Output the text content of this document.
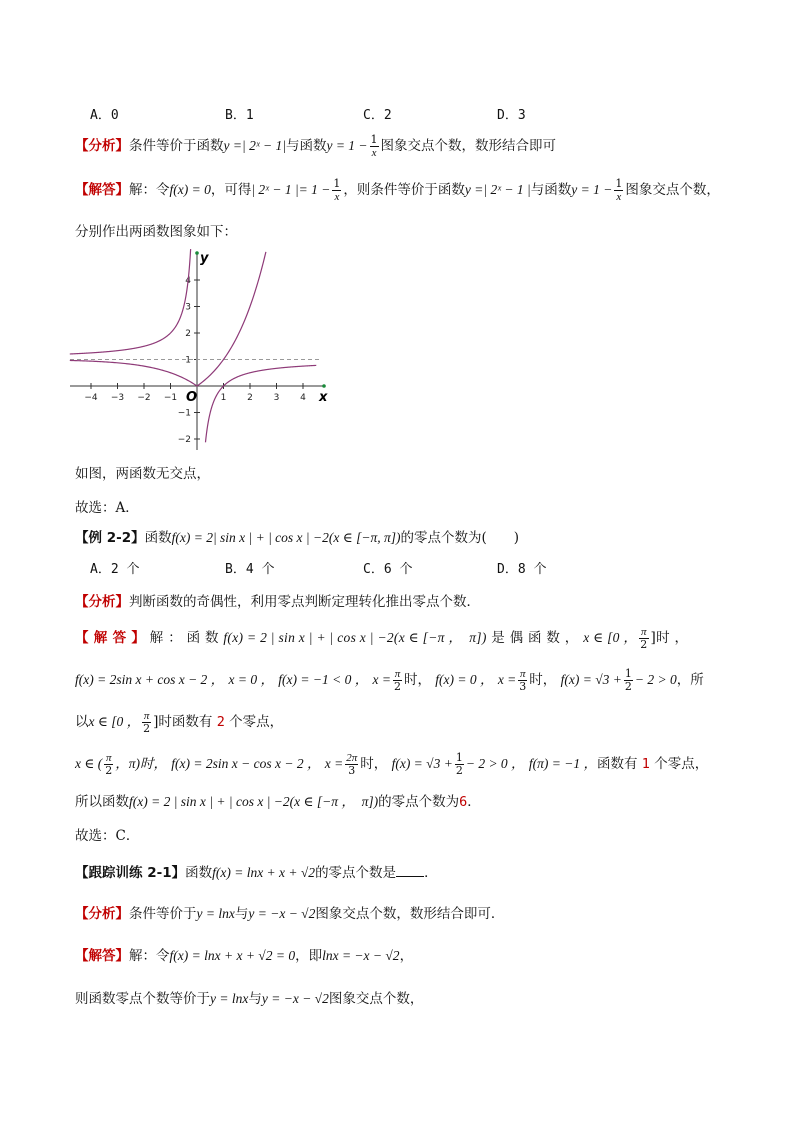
A．0	B．1	C．2	D．3
【分析】条件等价于函数y =| 2ˣ − 1|与函数$y = 1 - \frac{1}{x}$ 图象交点个数，数形结合即可
【解答】解：令f(x) = 0，可得| 2ˣ − 1 |= $1 - \frac{1}{x}$ ，则条件等价于函数y =| 2ˣ − 1 |与函数$y = 1 - \frac{1}{x}$ 图象交点个数，
分别作出两函数图象如下：
−4 −3 −2 −1	1 2 3 4
4
3
2
1
−1
−2
y
x
O
如图，两函数无交点，
故选：A．
【例 2-2】函数f(x) = 2| sin x | + | cos x | −2(x ∈ [−π, π])的零点个数为(　　)
A．2 个	B．4 个	C．6 个	D．8 个
【分析】判断函数的奇偶性，利用零点判断定理转化推出零点个数．
【 解 答 】 解 ： 函 数 f(x) = 2 | sin x | + | cos x | −2(x ∈ [−π ，　π]) 是 偶 函 数 ， x ∈ [0 ， $\frac{\pi}{2}$ ]时 ，
f(x) = 2sin x + cos x − 2 ， x = 0 ， f(x) = −1 < 0 ， $x = \frac{\pi}{2}$ 时， f(x) = 0 ， $x = \frac{\pi}{3}$ 时， $f(x) = √3 + \frac{1}{2} - 2 > 0$，所
以x ∈ [0 ， $\frac{\pi}{2}$ ]时函数有 2 个零点，
x ∈ ( $\frac{\pi}{2}$ ，π)时， f(x) = 2sin x − cos x − 2 ， $x = \frac{2\pi}{3}$ 时， $f(x) = √3 + \frac{1}{2} - 2 > 0$ ， f(π) = −1 ，函数有 1 个零点，
所以函数f(x) = 2 | sin x | + | cos x | −2(x ∈ [−π ，　π])的零点个数为6．
故选：C．
【跟踪训练 2-1】函数f(x) = lnx + x + √2的零点个数是 ．
【分析】条件等价于y = lnx与y = −x − √2图象交点个数，数形结合即可．
【解答】解：令f(x) = lnx + x + √2 = 0，即lnx = −x − √2，
则函数零点个数等价于y = lnx与y = −x − √2图象交点个数，
